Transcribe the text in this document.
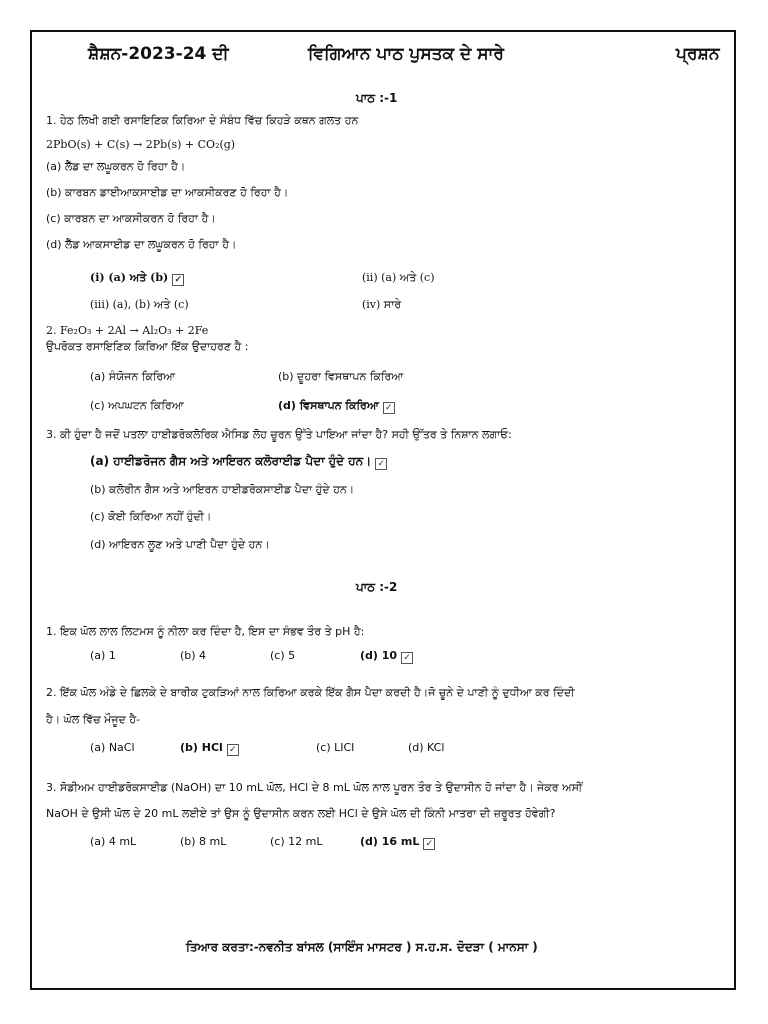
ਸ਼ੈਸ਼ਨ-2023-24 ਦੀ	ਵਿਗਿਆਨ ਪਾਠ ਪੁਸਤਕ ਦੇ ਸਾਰੇ	ਪ੍ਰਸ਼ਨ
ਪਾਠ :-1
1. ਹੇਠ ਲਿਖੀ ਗਈ ਰਸਾਇਣਿਕ ਕਿਰਿਆ ਦੇ ਸੰਬੰਧ ਵਿੱਚ ਕਿਹੜੇ ਕਥਨ ਗਲਤ ਹਨ
2PbO(s) + C(s) → 2Pb(s) + CO₂(g)
(a) ਲੈੱਡ ਦਾ ਲਘੂਕਰਨ ਹੋ ਰਿਹਾ ਹੈ।
(b) ਕਾਰਬਨ ਡਾਈਆਕਸਾਈਡ ਦਾ ਆਕਸੀਕਰਣ ਹੋ ਰਿਹਾ ਹੈ।
(c) ਕਾਰਬਨ ਦਾ ਆਕਸੀਕਰਨ ਹੋ ਰਿਹਾ ਹੈ।
(d) ਲੈੱਡ ਆਕਸਾਈਡ ਦਾ ਲਘੂਕਰਨ ਹੋ ਰਿਹਾ ਹੈ।
(i) (a) ਅਤੇ (b) ✓	(ii) (a) ਅਤੇ (c)
(iii) (a), (b) ਅਤੇ (c)	(iv) ਸਾਰੇ
2. Fe₂O₃ + 2Al → Al₂O₃ + 2Fe
ਉਪਰੋਕਤ ਰਸਾਇਣਿਕ ਕਿਰਿਆ ਇੱਕ ਉਦਾਹਰਣ ਹੈ :
(a) ਸੰਯੋਜਨ ਕਿਰਿਆ	(b) ਦੂਹਰਾ ਵਿਸਥਾਪਨ ਕਿਰਿਆ
(c) ਅਪਘਟਨ ਕਿਰਿਆ	(d) ਵਿਸਥਾਪਨ ਕਿਰਿਆ ✓
3. ਕੀ ਹੁੰਦਾ ਹੈ ਜਦੋਂ ਪਤਲਾ ਹਾਈਡਰੋਕਲੋਰਿਕ ਐਸਿਡ ਲੋਹ ਚੂਰਨ ਉੱਤੇ ਪਾਇਆ ਜਾਂਦਾ ਹੈ? ਸਹੀ ਉੱਤਰ ਤੇ ਨਿਸ਼ਾਨ ਲਗਾਓ:
(a) ਹਾਈਡਰੋਜਨ ਗੈਸ ਅਤੇ ਆਇਰਨ ਕਲੋਰਾਈਡ ਪੈਦਾ ਹੁੰਦੇ ਹਨ। ✓
(b) ਕਲੋਰੀਨ ਗੈਸ ਅਤੇ ਆਇਰਨ ਹਾਈਡਰੋਕਸਾਈਡ ਪੈਦਾ ਹੁੰਦੇ ਹਨ।
(c) ਕੋਈ ਕਿਰਿਆ ਨਹੀਂ ਹੁੰਦੀ।
(d) ਆਇਰਨ ਲੂਣ ਅਤੇ ਪਾਣੀ ਪੈਦਾ ਹੁੰਦੇ ਹਨ।
ਪਾਠ :-2
1. ਇਕ ਘੋਲ ਲਾਲ ਲਿਟਮਸ ਨੂੰ ਨੀਲਾ ਕਰ ਦਿੰਦਾ ਹੈ, ਇਸ ਦਾ ਸੰਭਵ ਤੌਰ ਤੇ pH ਹੈ:
(a) 1	(b) 4	(c) 5	(d) 10 ✓
2. ਇੱਕ ਘੋਲ ਅੰਡੇ ਦੇ ਛਿਲਕੇ ਦੇ ਬਾਰੀਕ ਟੁਕੜਿਆਂ ਨਾਲ ਕਿਰਿਆ ਕਰਕੇ ਇੱਕ ਗੈਸ ਪੈਦਾ ਕਰਦੀ ਹੈ।ਜੋ ਚੂਨੇ ਦੇ ਪਾਣੀ ਨੂੰ ਦੁਧੀਆ ਕਰ ਦਿੰਦੀ
ਹੈ। ਘੋਲ ਵਿੱਚ ਮੌਜੂਦ ਹੈ-
(a) NaCl	(b) HCl ✓	(c) LICI	(d) KCl
3. ਸੋਡੀਅਮ ਹਾਈਡਰੋਕਸਾਈਡ (NaOH) ਦਾ 10 mL ਘੋਲ, HCl ਦੇ 8 mL ਘੋਲ ਨਾਲ ਪੂਰਨ ਤੌਰ ਤੇ ਉਦਾਸੀਨ ਹੋ ਜਾਂਦਾ ਹੈ। ਜੇਕਰ ਅਸੀਂ
NaOH ਦੇ ਉਸੀ ਘੋਲ ਦੇ 20 mL ਲਈਏ ਤਾਂ ਉਸ ਨੂੰ ਉਦਾਸੀਨ ਕਰਨ ਲਈ HCl ਦੇ ਉਸੇ ਘੋਲ ਦੀ ਕਿੰਨੀ ਮਾਤਰਾ ਦੀ ਜ਼ਰੂਰਤ ਹੋਵੇਗੀ?
(a) 4 mL	(b) 8 mL	(c) 12 mL	(d) 16 mL ✓
ਤਿਆਰ ਕਰਤਾ:-ਨਵਨੀਤ ਬਾਂਸਲ (ਸਾਇੰਸ ਮਾਸਟਰ ) ਸ.ਹ.ਸ. ਦੋਦੜਾ ( ਮਾਨਸਾ )
